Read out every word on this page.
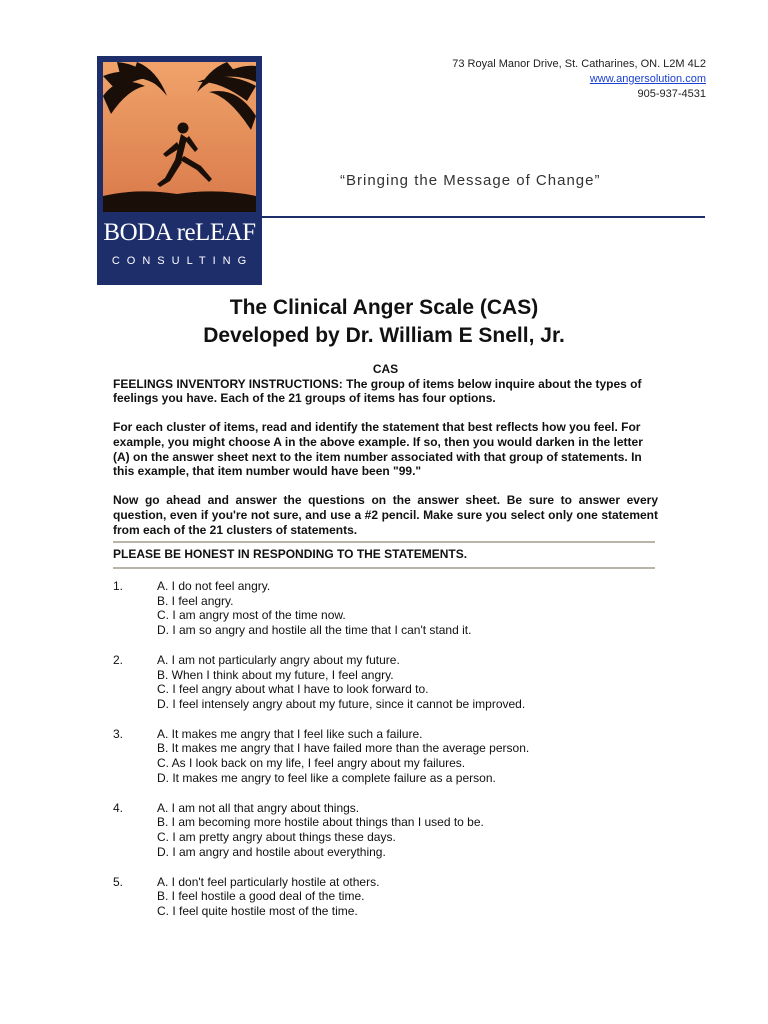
BODA reLEAF
CONSULTING
73 Royal Manor Drive, St. Catharines, ON. L2M 4L2
www.angersolution.com
905-937-4531
“Bringing the Message of Change”
The Clinical Anger Scale (CAS)
Developed by Dr. William E Snell, Jr.

CAS

FEELINGS INVENTORY INSTRUCTIONS: The group of items below inquire about the types of feelings you have. Each of the 21 groups of items has four options.

For each cluster of items, read and identify the statement that best reflects how you feel. For example, you might choose A in the above example. If so, then you would darken in the letter (A) on the answer sheet next to the item number associated with that group of statements. In this example, that item number would have been "99."

Now go ahead and answer the questions on the answer sheet. Be sure to answer every question, even if you're not sure, and use a #2 pencil. Make sure you select only one statement from each of the 21 clusters of statements.

PLEASE BE HONEST IN RESPONDING TO THE STATEMENTS.

1.	A. I do not feel angry.
B. I feel angry.
C. I am angry most of the time now.
D. I am so angry and hostile all the time that I can't stand it.
2.	A. I am not particularly angry about my future.
B. When I think about my future, I feel angry.
C. I feel angry about what I have to look forward to.
D. I feel intensely angry about my future, since it cannot be improved.
3.	A. It makes me angry that I feel like such a failure.
B. It makes me angry that I have failed more than the average person.
C. As I look back on my life, I feel angry about my failures.
D. It makes me angry to feel like a complete failure as a person.
4.	A. I am not all that angry about things.
B. I am becoming more hostile about things than I used to be.
C. I am pretty angry about things these days.
D. I am angry and hostile about everything.
5.	A. I don't feel particularly hostile at others.
B. I feel hostile a good deal of the time.
C. I feel quite hostile most of the time.
